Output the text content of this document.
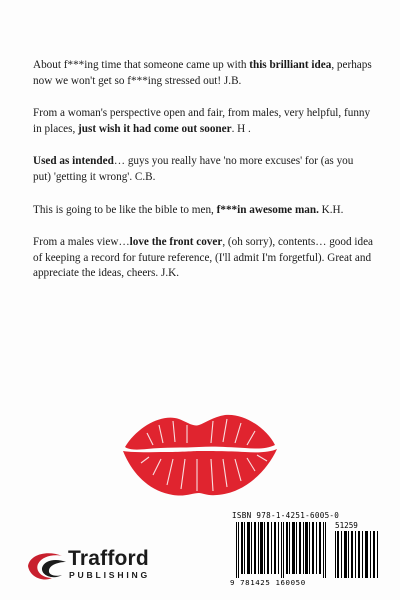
About f***ing time that someone came up with this brilliant idea, perhaps now we won't get so f***ing stressed out! J.B.

From a woman's perspective open and fair, from males, very helpful, funny in places, just wish it had come out sooner. H .

Used as intended… guys you really have 'no more excuses' for (as you put) 'getting it wrong'. C.B.

This is going to be like the bible to men, f***in awesome man. K.H.

From a males view…love the front cover, (oh sorry), contents… good idea of keeping a record for future reference, (I'll admit I'm forgetful). Great and appreciate the ideas, cheers. J.K.

ISBN 978-1-4251-6005-0
51259
9 781425 160050
Trafford
PUBLISHING
